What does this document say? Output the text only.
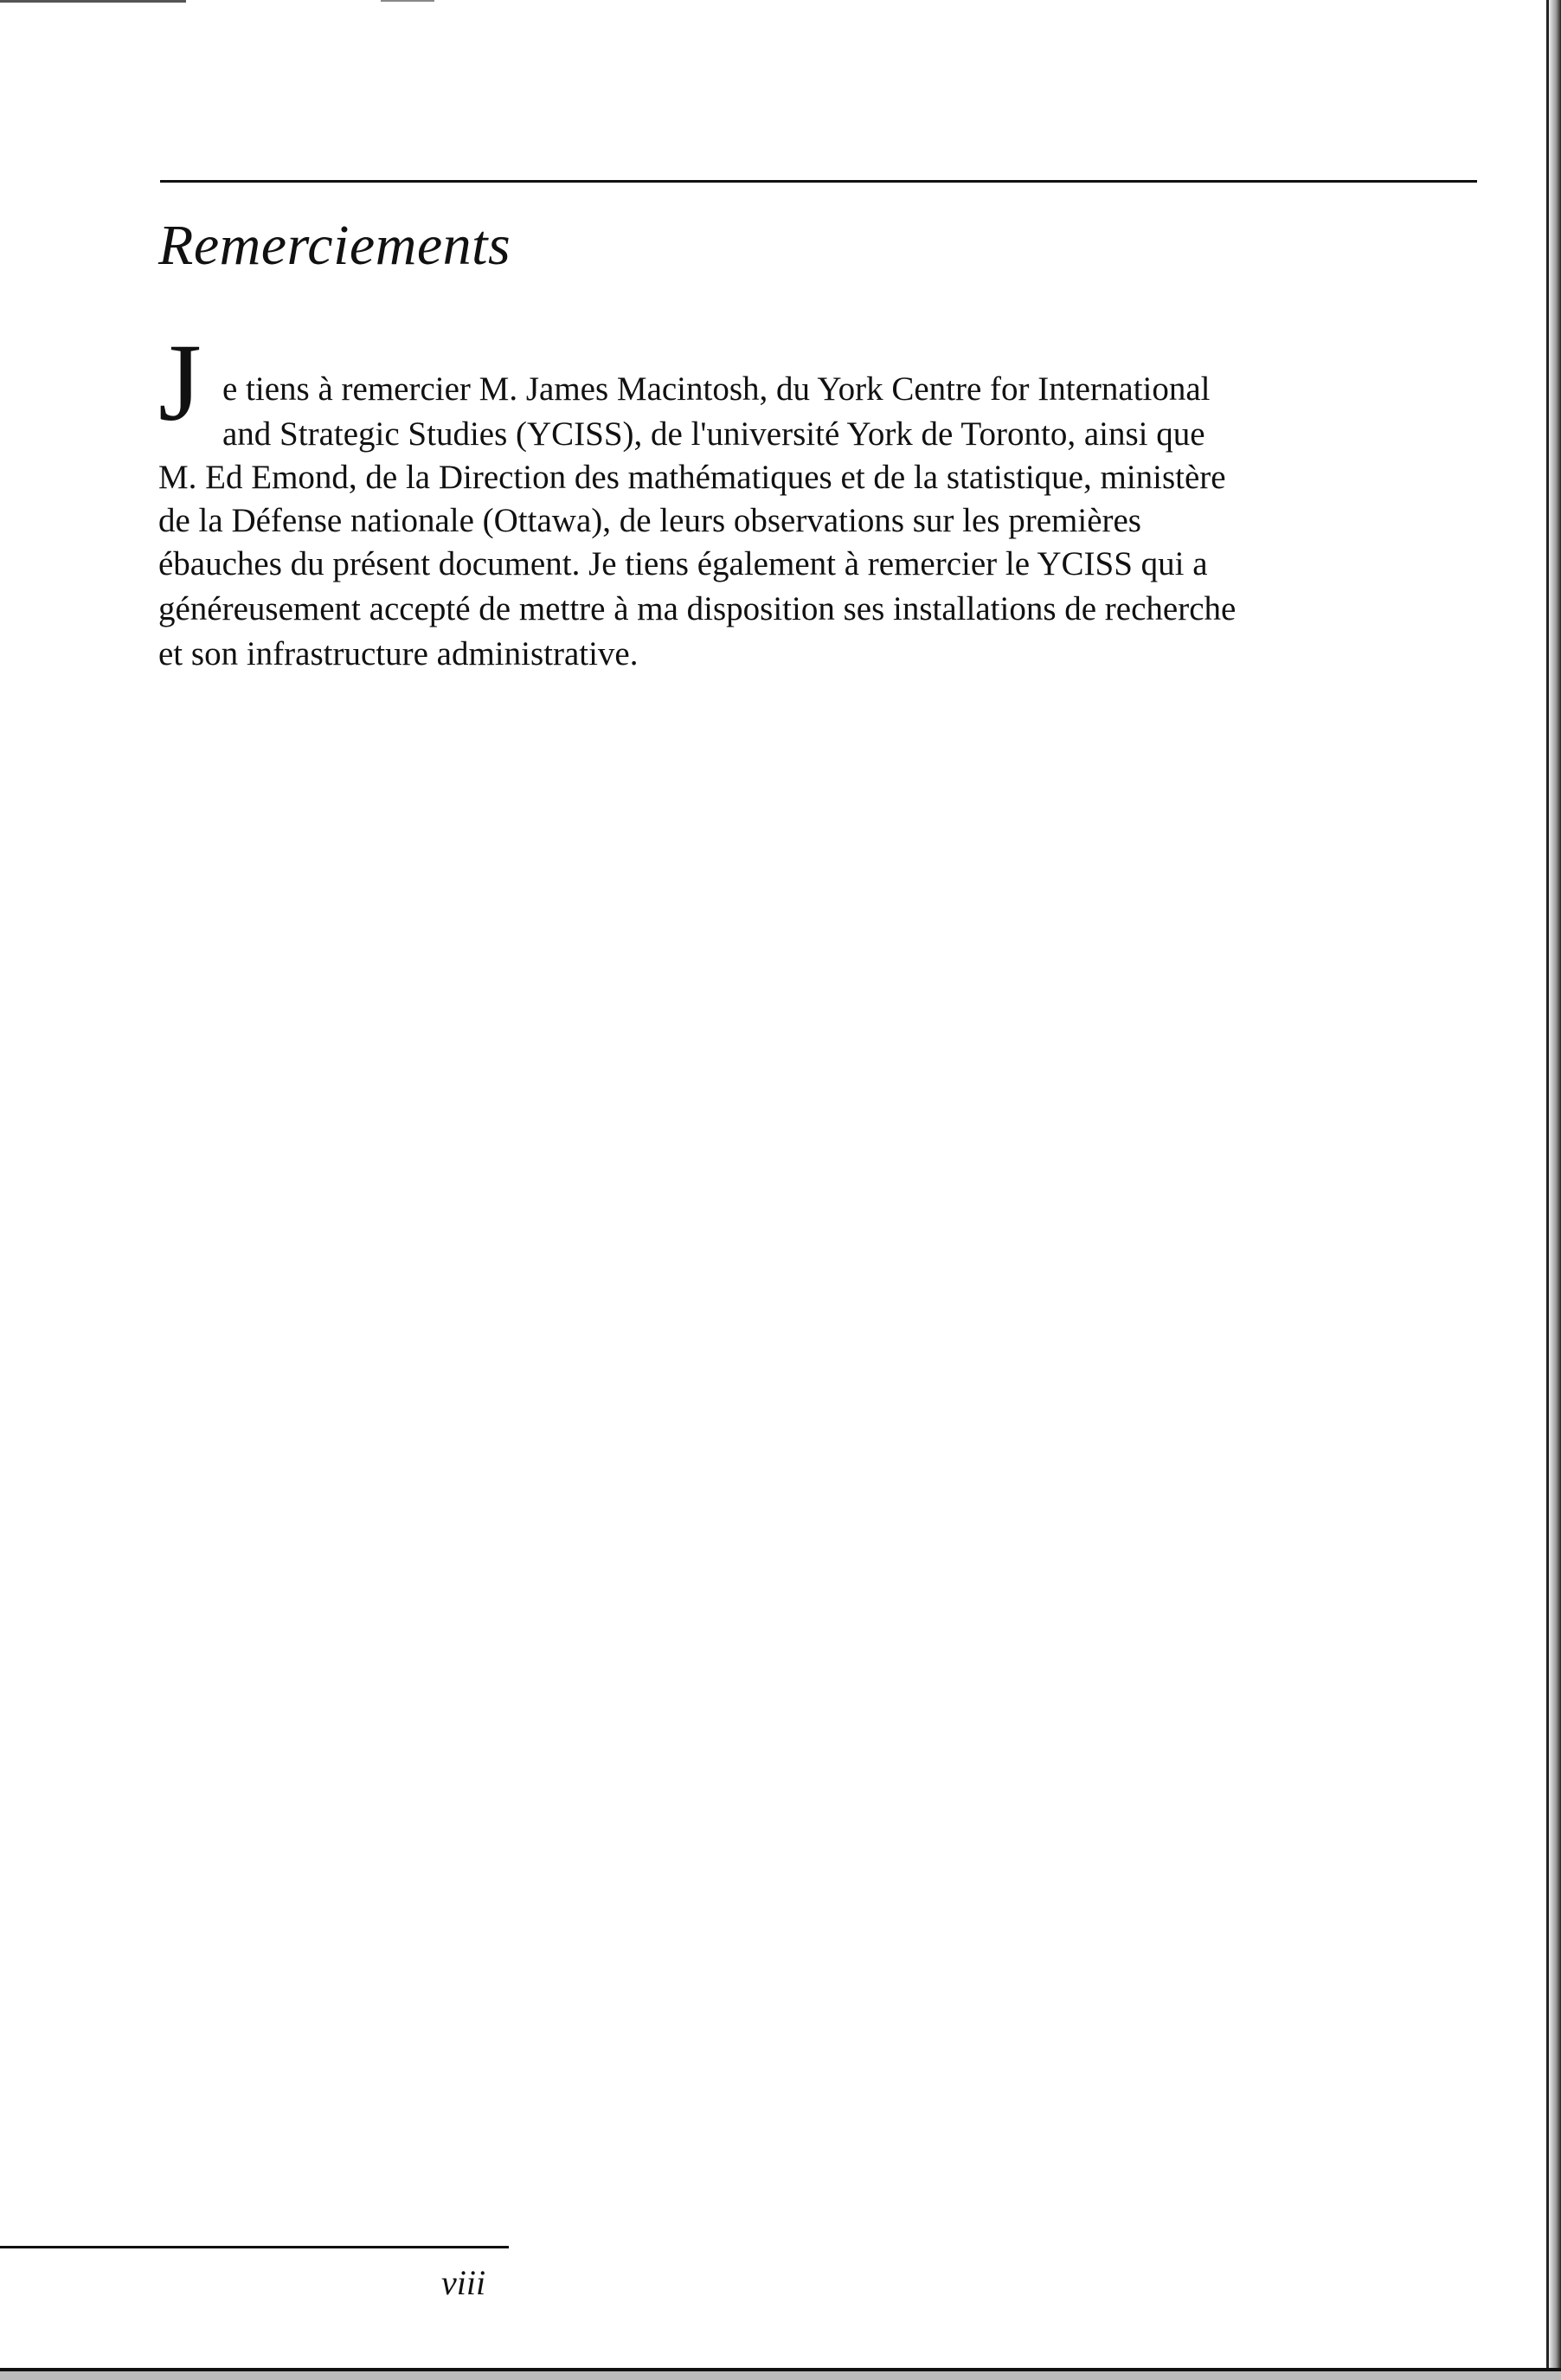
Remerciements
J e tiens à remercier M. James Macintosh, du York Centre for International
and Strategic Studies (YCISS), de l'université York de Toronto, ainsi que
M. Ed Emond, de la Direction des mathématiques et de la statistique, ministère
de la Défense nationale (Ottawa), de leurs observations sur les premières
ébauches du présent document. Je tiens également à remercier le YCISS qui a
généreusement accepté de mettre à ma disposition ses installations de recherche
et son infrastructure administrative.
viii
